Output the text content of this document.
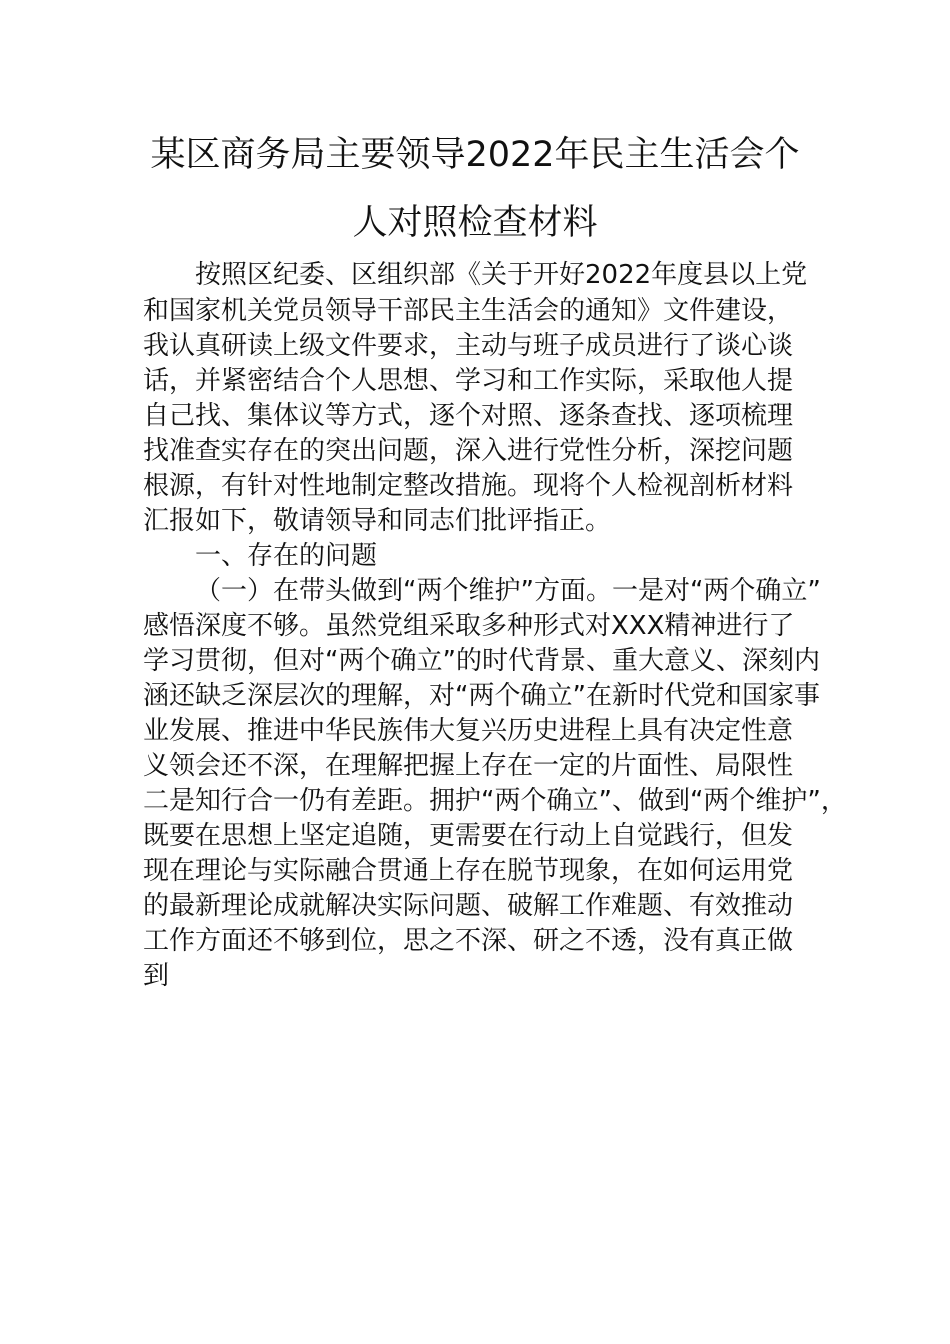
某区商务局主要领导2022年民主生活会个
人对照检查材料
按照区纪委、区组织部《关于开好2022年度县以上党
和国家机关党员领导干部民主生活会的通知》文件建设，
我认真研读上级文件要求，主动与班子成员进行了谈心谈
话，并紧密结合个人思想、学习和工作实际，采取他人提
自己找、集体议等方式，逐个对照、逐条查找、逐项梳理
找准查实存在的突出问题，深入进行党性分析，深挖问题
根源，有针对性地制定整改措施。现将个人检视剖析材料
汇报如下，敬请领导和同志们批评指正。
一、存在的问题
（一）在带头做到“两个维护”方面。一是对“两个确立”
感悟深度不够。虽然党组采取多种形式对XXX精神进行了
学习贯彻，但对“两个确立”的时代背景、重大意义、深刻内
涵还缺乏深层次的理解，对“两个确立”在新时代党和国家事
业发展、推进中华民族伟大复兴历史进程上具有决定性意
义领会还不深，在理解把握上存在一定的片面性、局限性
二是知行合一仍有差距。拥护“两个确立”、做到“两个维护”，
既要在思想上坚定追随，更需要在行动上自觉践行，但发
现在理论与实际融合贯通上存在脱节现象，在如何运用党
的最新理论成就解决实际问题、破解工作难题、有效推动
工作方面还不够到位，思之不深、研之不透，没有真正做
到
